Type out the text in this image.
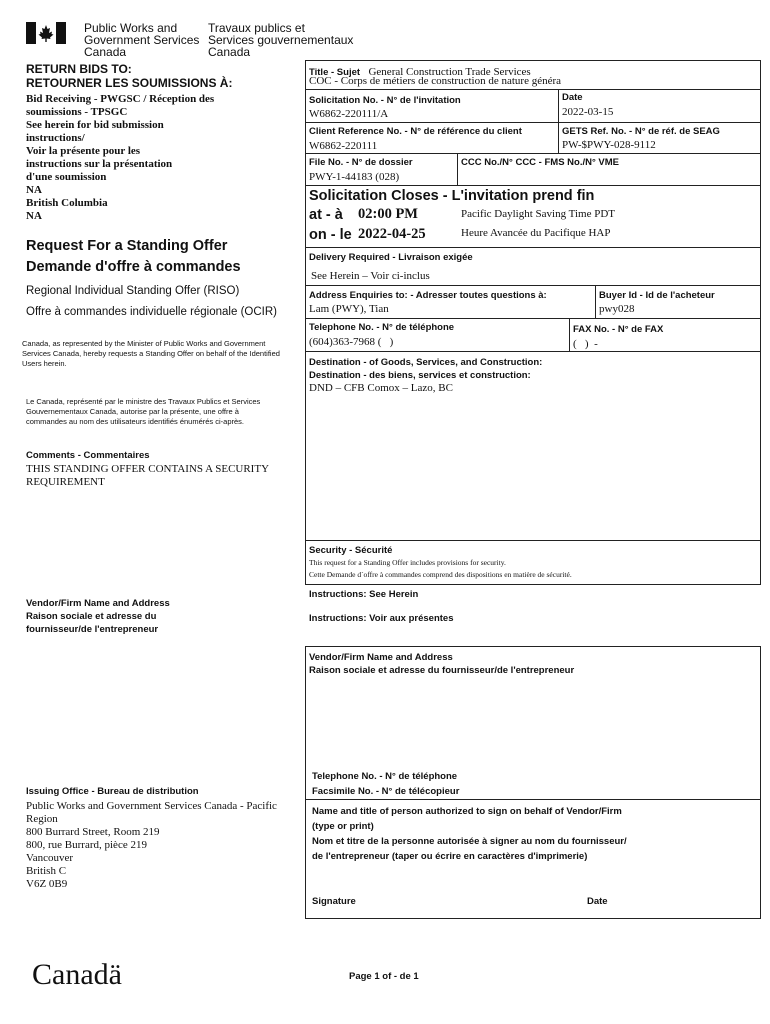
Public Works and
Government Services
Canada
Travaux publics et
Services gouvernementaux
Canada
RETURN BIDS TO:
RETOURNER LES SOUMISSIONS À:
Bid Receiving - PWGSC / Réception des
soumissions - TPSGC
See herein for bid submission
instructions/
Voir la présente pour les
instructions sur la présentation
d'une soumission
NA
British Columbia
NA
Request For a Standing Offer
Demande d'offre à commandes
Regional Individual Standing Offer (RISO)
Offre à commandes individuelle régionale (OCIR)
Canada, as represented by the Minister of Public Works and Government Services Canada, hereby requests a Standing Offer on behalf of the Identified Users herein.
Le Canada, représenté par le ministre des Travaux Publics et Services Gouvernementaux Canada, autorise par la présente, une offre à commandes au nom des utilisateurs identifiés énumérés ci-après.
Comments - Commentaires
THIS STANDING OFFER CONTAINS A SECURITY
REQUIREMENT
Vendor/Firm Name and Address
Raison sociale et adresse du
fournisseur/de l'entrepreneur
Issuing Office - Bureau de distribution
Public Works and Government Services Canada - Pacific
Region
800 Burrard Street, Room 219
800, rue Burrard, pièce 219
Vancouver
British C
V6Z 0B9
Title - Sujet General Construction Trade Services
COC - Corps de métiers de construction de nature généra
Solicitation No. - N° de l'invitation
W6862-220111/A
Date
2022-03-15
Client Reference No. - N° de référence du client
W6862-220111
GETS Ref. No. - N° de réf. de SEAG
PW-$PWY-028-9112
File No. - N° de dossier
PWY-1-44183 (028)
CCC No./N° CCC - FMS No./N° VME
Solicitation Closes - L'invitation prend fin
at - à 02:00 PM	Pacific Daylight Saving Time PDT
on - le 2022-04-25	Heure Avancée du Pacifique HAP
Delivery Required - Livraison exigée
See Herein – Voir ci-inclus
Address Enquiries to: - Adresser toutes questions à:
Lam (PWY), Tian
Buyer Id - Id de l'acheteur
pwy028
Telephone No. - N° de téléphone
(604)363-7968 (   )
FAX No. - N° de FAX
(   )  -
Destination - of Goods, Services, and Construction:
Destination - des biens, services et construction:
DND – CFB Comox – Lazo, BC
Security - Sécurité
This request for a Standing Offer includes provisions for security.
Cette Demande d´offre à commandes comprend des dispositions en matière de sécurité.
Instructions: See Herein
Instructions: Voir aux présentes
Vendor/Firm Name and Address
Raison sociale et adresse du fournisseur/de l'entrepreneur
Telephone No. - N° de téléphone
Facsimile No. - N° de télécopieur
Name and title of person authorized to sign on behalf of Vendor/Firm
(type or print)
Nom et titre de la personne autorisée à signer au nom du fournisseur/
de l'entrepreneur (taper ou écrire en caractères d'imprimerie)
Signature	Date
Canadä	Page 1 of - de 1
